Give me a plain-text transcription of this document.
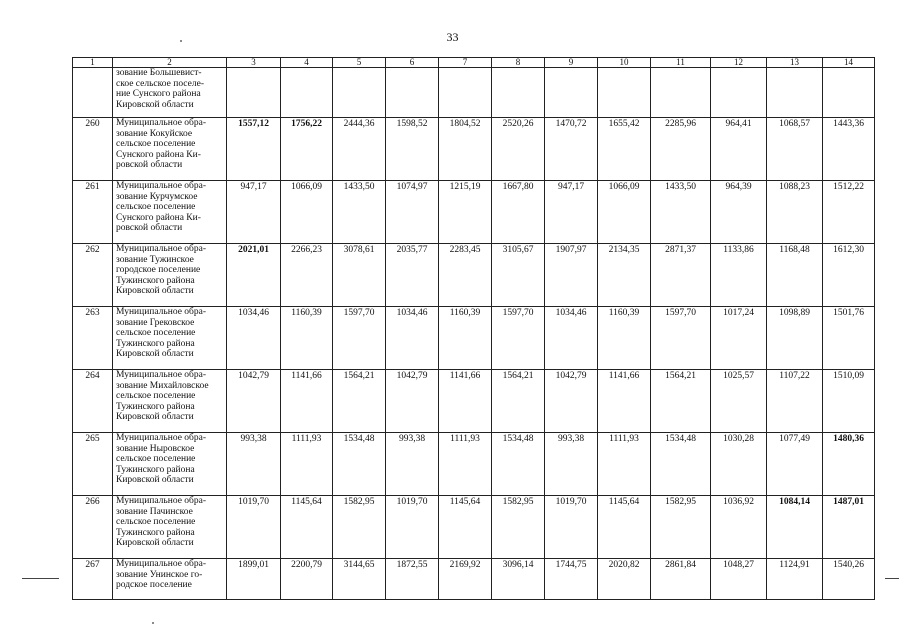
33
1	2	3	4	5	6	7	8	9	10	11	12	13	14
	зование Большевист-
ское сельское поселе-
ние Сунского района
Кировской области												
260	Муниципальное обра-
зование Кокуйское
сельское поселение
Сунского района Ки-
ровской области	1557,12	1756,22	2444,36	1598,52	1804,52	2520,26	1470,72	1655,42	2285,96	964,41	1068,57	1443,36
261	Муниципальное обра-
зование Курчумское
сельское поселение
Сунского района Ки-
ровской области	947,17	1066,09	1433,50	1074,97	1215,19	1667,80	947,17	1066,09	1433,50	964,39	1088,23	1512,22
262	Муниципальное обра-
зование Тужинское
городское поселение
Тужинского района
Кировской области	2021,01	2266,23	3078,61	2035,77	2283,45	3105,67	1907,97	2134,35	2871,37	1133,86	1168,48	1612,30
263	Муниципальное обра-
зование Грековское
сельское поселение
Тужинского района
Кировской области	1034,46	1160,39	1597,70	1034,46	1160,39	1597,70	1034,46	1160,39	1597,70	1017,24	1098,89	1501,76
264	Муниципальное обра-
зование Михайловское
сельское поселение
Тужинского района
Кировской области	1042,79	1141,66	1564,21	1042,79	1141,66	1564,21	1042,79	1141,66	1564,21	1025,57	1107,22	1510,09
265	Муниципальное обра-
зование Ныровское
сельское поселение
Тужинского района
Кировской области	993,38	1111,93	1534,48	993,38	1111,93	1534,48	993,38	1111,93	1534,48	1030,28	1077,49	1480,36
266	Муниципальное обра-
зование Пачинское
сельское поселение
Тужинского района
Кировской области	1019,70	1145,64	1582,95	1019,70	1145,64	1582,95	1019,70	1145,64	1582,95	1036,92	1084,14	1487,01
267	Муниципальное обра-
зование Унинское го-
родское поселение	1899,01	2200,79	3144,65	1872,55	2169,92	3096,14	1744,75	2020,82	2861,84	1048,27	1124,91	1540,26
